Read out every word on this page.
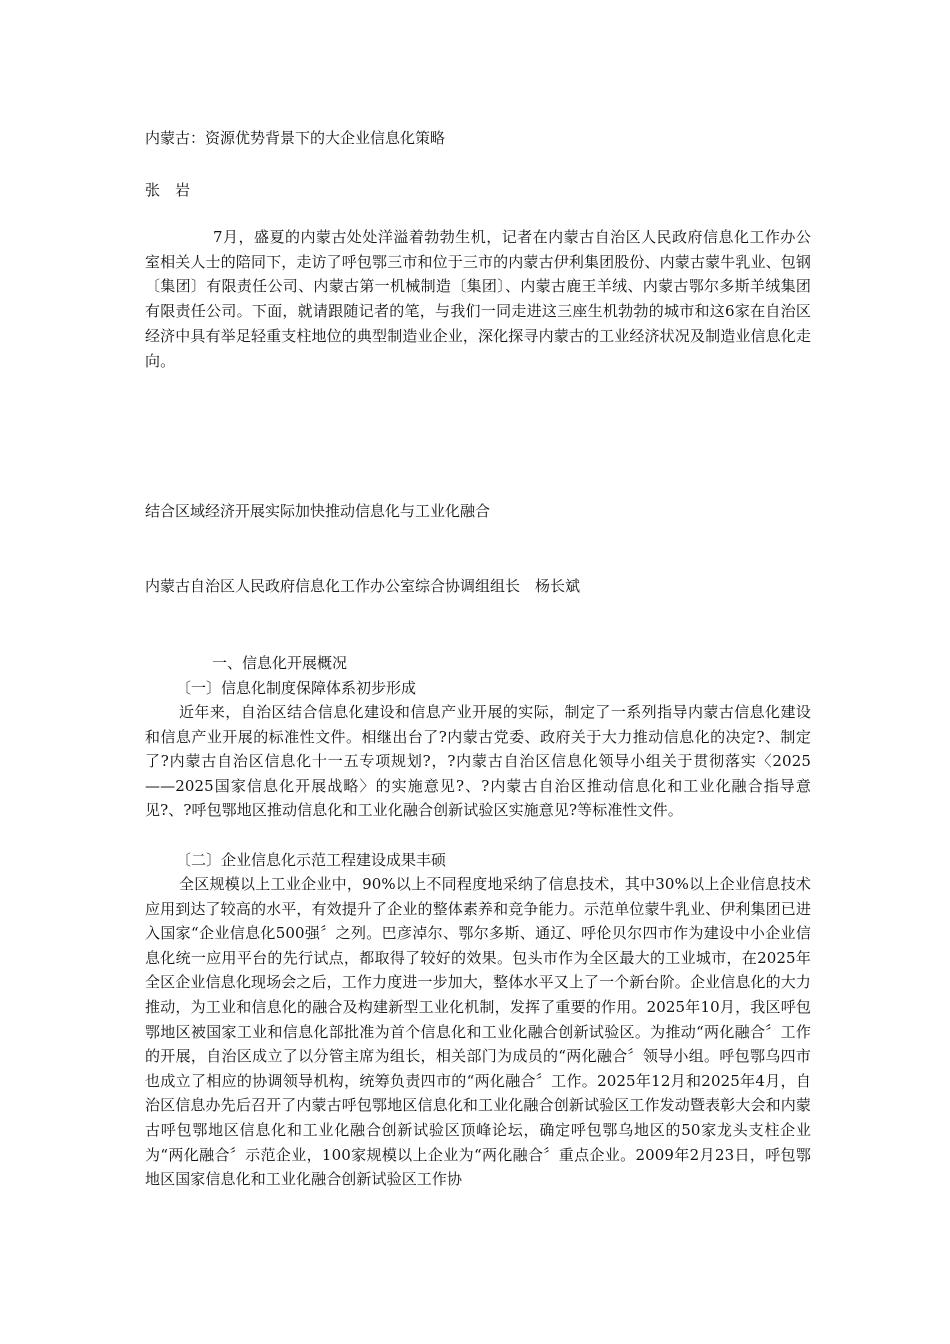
内蒙古：资源优势背景下的大企业信息化策略

张　岩

7月，盛夏的内蒙古处处洋溢着勃勃生机，记者在内蒙古自治区人民政府信息化工作办公室相关人士的陪同下，走访了呼包鄂三市和位于三市的内蒙古伊利集团股份、内蒙古蒙牛乳业、包钢〔集团〕有限责任公司、内蒙古第一机械制造〔集团〕、内蒙古鹿王羊绒、内蒙古鄂尔多斯羊绒集团有限责任公司。下面，就请跟随记者的笔，与我们一同走进这三座生机勃勃的城市和这6家在自治区经济中具有举足轻重支柱地位的典型制造业企业，深化探寻内蒙古的工业经济状况及制造业信息化走向。

结合区域经济开展实际加快推动信息化与工业化融合

内蒙古自治区人民政府信息化工作办公室综合协调组组长　杨长斌

一、信息化开展概况

〔一〕信息化制度保障体系初步形成

近年来，自治区结合信息化建设和信息产业开展的实际，制定了一系列指导内蒙古信息化建设和信息产业开展的标准性文件。相继出台了?内蒙古党委、政府关于大力推动信息化的决定?、制定了?内蒙古自治区信息化十一五专项规划?，?内蒙古自治区信息化领导小组关于贯彻落实〈2025——2025国家信息化开展战略〉的实施意见?、?内蒙古自治区推动信息化和工业化融合指导意见?、?呼包鄂地区推动信息化和工业化融合创新试验区实施意见?等标准性文件。

〔二〕企业信息化示范工程建设成果丰硕

全区规模以上工业企业中，90%以上不同程度地采纳了信息技术，其中30%以上企业信息技术应用到达了较高的水平，有效提升了企业的整体素养和竞争能力。示范单位蒙牛乳业、伊利集团已进入国家“企业信息化500强〞之列。巴彦淖尔、鄂尔多斯、通辽、呼伦贝尔四市作为建设中小企业信息化统一应用平台的先行试点，都取得了较好的效果。包头市作为全区最大的工业城市，在2025年全区企业信息化现场会之后，工作力度进一步加大，整体水平又上了一个新台阶。企业信息化的大力推动，为工业和信息化的融合及构建新型工业化机制，发挥了重要的作用。2025年10月，我区呼包鄂地区被国家工业和信息化部批准为首个信息化和工业化融合创新试验区。为推动“两化融合〞工作的开展，自治区成立了以分管主席为组长，相关部门为成员的“两化融合〞领导小组。呼包鄂乌四市也成立了相应的协调领导机构，统筹负责四市的“两化融合〞工作。2025年12月和2025年4月，自治区信息办先后召开了内蒙古呼包鄂地区信息化和工业化融合创新试验区工作发动暨表彰大会和内蒙古呼包鄂地区信息化和工业化融合创新试验区顶峰论坛，确定呼包鄂乌地区的50家龙头支柱企业为“两化融合〞示范企业，100家规模以上企业为“两化融合〞重点企业。2009年2月23日，呼包鄂地区国家信息化和工业化融合创新试验区工作协
